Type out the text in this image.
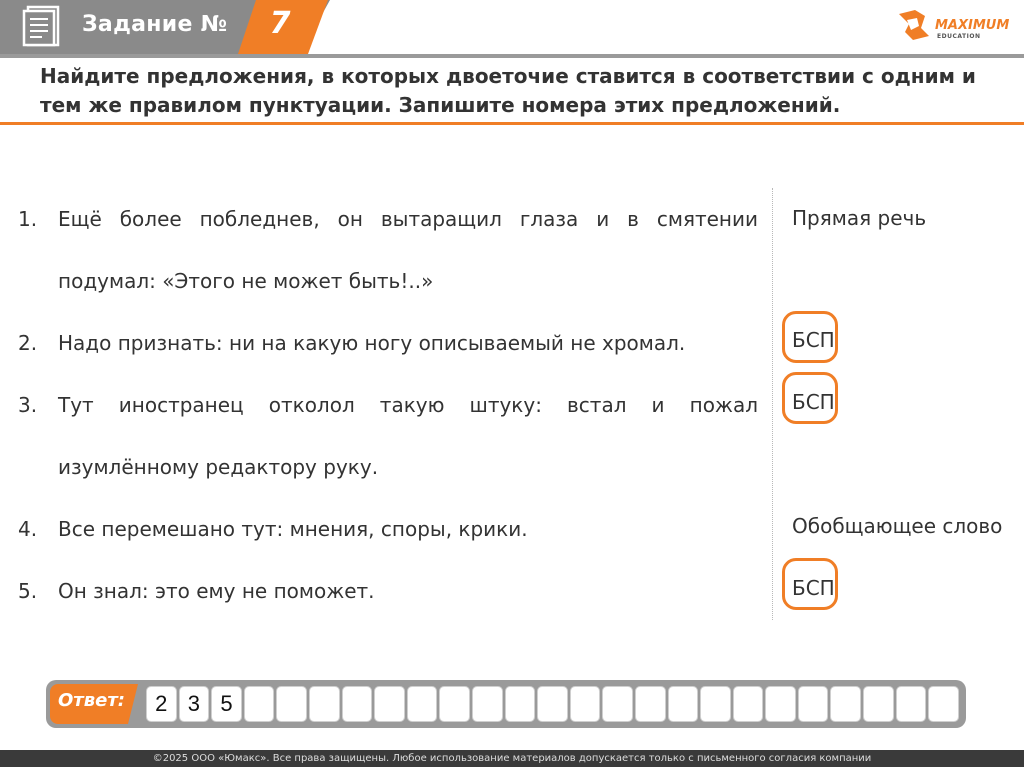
Задание №	7	MAXIMUM
EDUCATION
Найдите предложения, в которых двоеточие ставится в соответствии с одним и тем же правилом пунктуации. Запишите номера этих предложений.
1.	Ещё более побледнев, он вытаращил глаза и в смятении подумал: «Этого не может быть!..»
2.	Надо признать: ни на какую ногу описываемый не хромал.
3.	Тут иностранец отколол такую штуку: встал и пожал изумлённому редактору руку.
4.	Все перемешано тут: мнения, споры, крики.
5.	Он знал: это ему не поможет.
Прямая речь
БСП
БСП
Обобщающее слово
БСП
Ответ:	2 3 5
©2025 ООО «Юмакс». Все права защищены. Любое использование материалов допускается только с письменного согласия компании
